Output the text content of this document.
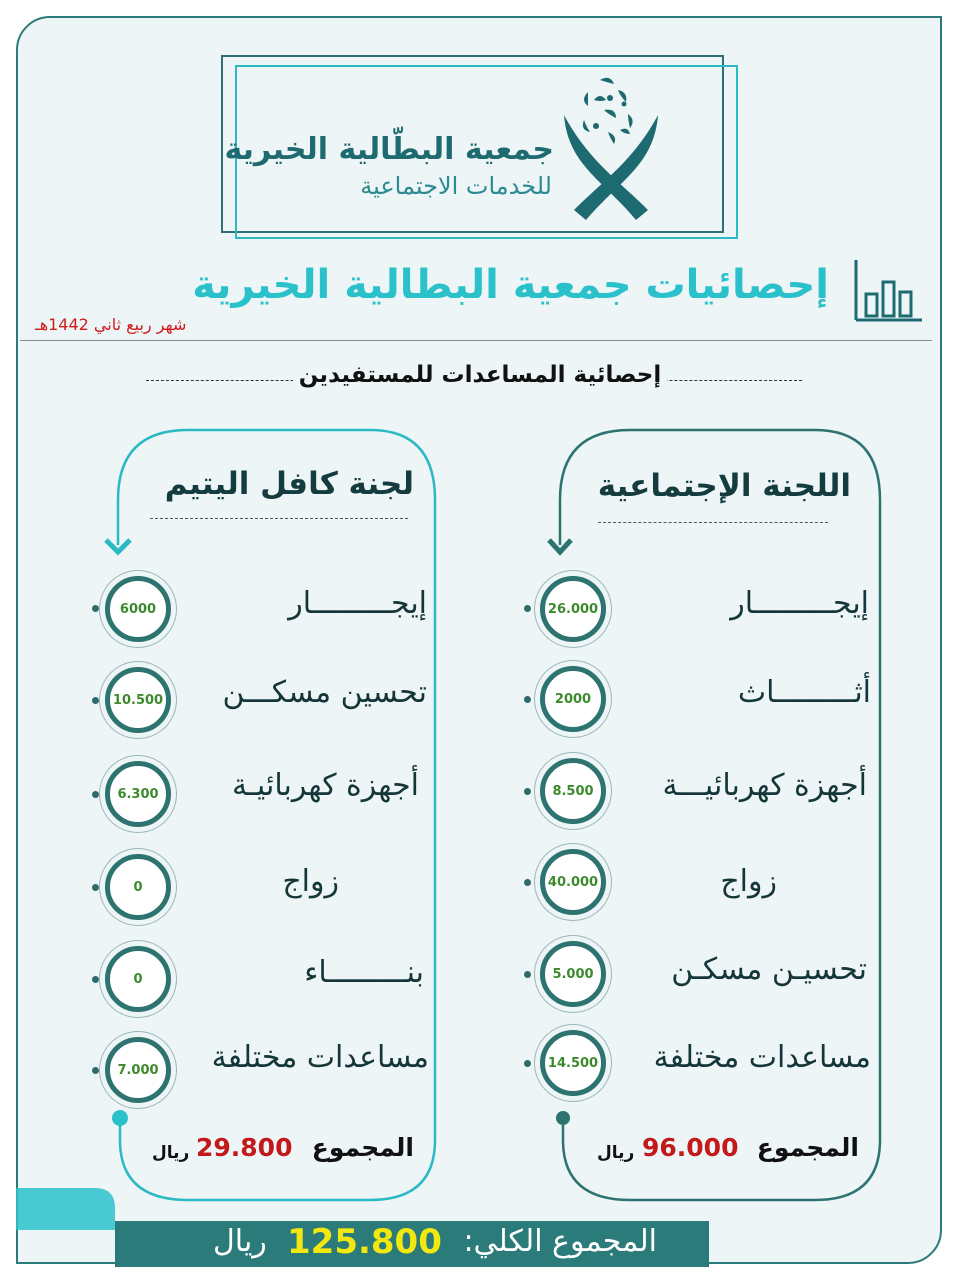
جمعية البطّالية الخيرية
للخدمات الاجتماعية
إحصائيات جمعية البطالية الخيرية
شهر ربيع ثاني 1442هـ
إحصائية المساعدات للمستفيدين
اللجنة الإجتماعية
26.000	إيجـــــــــار
2000	أثـــــــــاث
8.500 أجهزة كهربائيـــة
40.000	زواج
5.000	تحسيـن مسكـن
14.500 مساعدات مختلفة
المجموع
96.000
ريال
لجنة كافل اليتيم
6000	إيجـــــــــار
10.500 تحسين مسكـــن
6.300 أجهزة كهربائيـة
0	زواج
0	بنـــــــــاء
7.000 مساعدات مختلفة
المجموع
29.800
ريال
المجموع الكلي:
125.800
ريال
